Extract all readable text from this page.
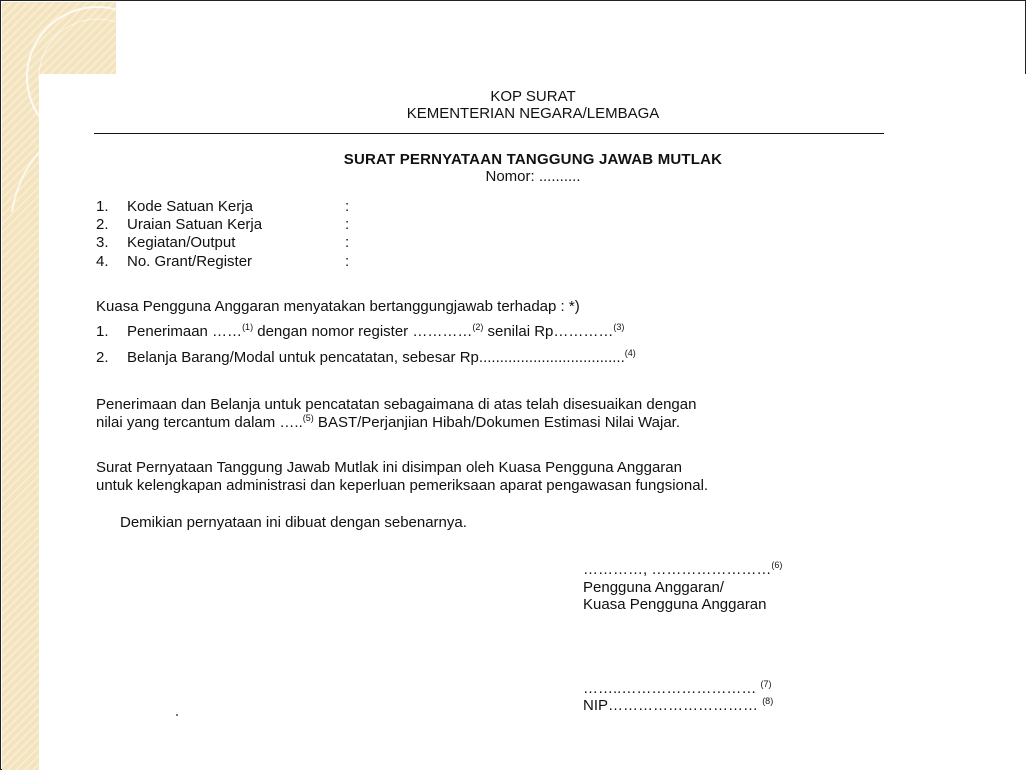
KOP SURAT
KEMENTERIAN NEGARA/LEMBAGA
SURAT PERNYATAAN TANGGUNG JAWAB MUTLAK
Nomor: ..........
1. Kode Satuan Kerja	:
2. Uraian Satuan Kerja	:
3. Kegiatan/Output	:
4. No. Grant/Register	:
Kuasa Pengguna Anggaran menyatakan bertanggungjawab terhadap : *)
1. Penerimaan ……$^{(1)}$ dengan nomor register …………$^{(2)}$ senilai Rp…………$^{(3)}$
2. Belanja Barang/Modal untuk pencatatan, sebesar Rp...................................$^{(4)}$
Penerimaan dan Belanja untuk pencatatan sebagaimana di atas telah disesuaikan dengan
nilai yang tercantum dalam …..$^{(5)}$ BAST/Perjanjian Hibah/Dokumen Estimasi Nilai Wajar.
Surat Pernyataan Tanggung Jawab Mutlak ini disimpan oleh Kuasa Pengguna Anggaran
untuk kelengkapan administrasi dan keperluan pemeriksaan aparat pengawasan fungsional.
Demikian pernyataan ini dibuat dengan sebenarnya.
…………, ……………………$^{(6)}$
Pengguna Anggaran/
Kuasa Pengguna Anggaran
……..……………………… $^{(7)}$
NIP………………………… $^{(8)}$
